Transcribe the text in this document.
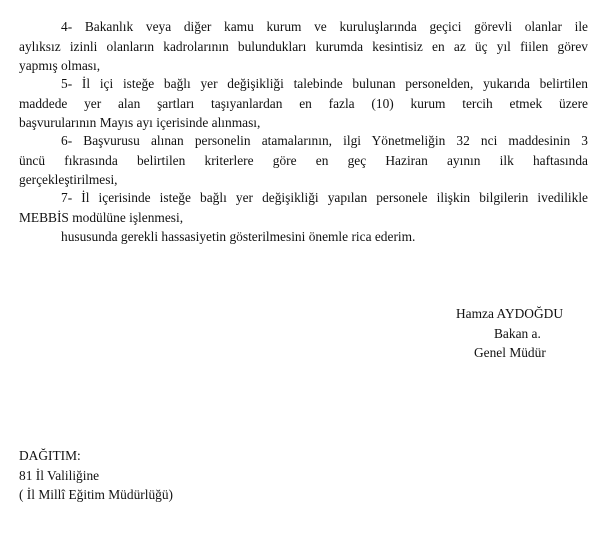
4- Bakanlık veya diğer kamu kurum ve kuruluşlarında geçici görevli olanlar ile
aylıksız izinli olanların kadrolarının bulundukları kurumda kesintisiz en az üç yıl fiilen görev
yapmış olması,
5- İl içi isteğe bağlı yer değişikliği talebinde bulunan personelden, yukarıda belirtilen
maddede yer alan şartları taşıyanlardan en fazla (10) kurum tercih etmek üzere
başvurularının Mayıs ayı içerisinde alınması,
6- Başvurusu alınan personelin atamalarının, ilgi Yönetmeliğin 32 nci maddesinin 3
üncü fıkrasında belirtilen kriterlere göre en geç Haziran ayının ilk haftasında
gerçekleştirilmesi,
7- İl içerisinde isteğe bağlı yer değişikliği yapılan personele ilişkin bilgilerin ivedilikle
MEBBİS modülüne işlenmesi,
hususunda gerekli hassasiyetin gösterilmesini önemle rica ederim.
Hamza AYDOĞDU
Bakan a.
Genel Müdür
DAĞITIM:
81 İl Valiliğine
( İl Millî Eğitim Müdürlüğü)
